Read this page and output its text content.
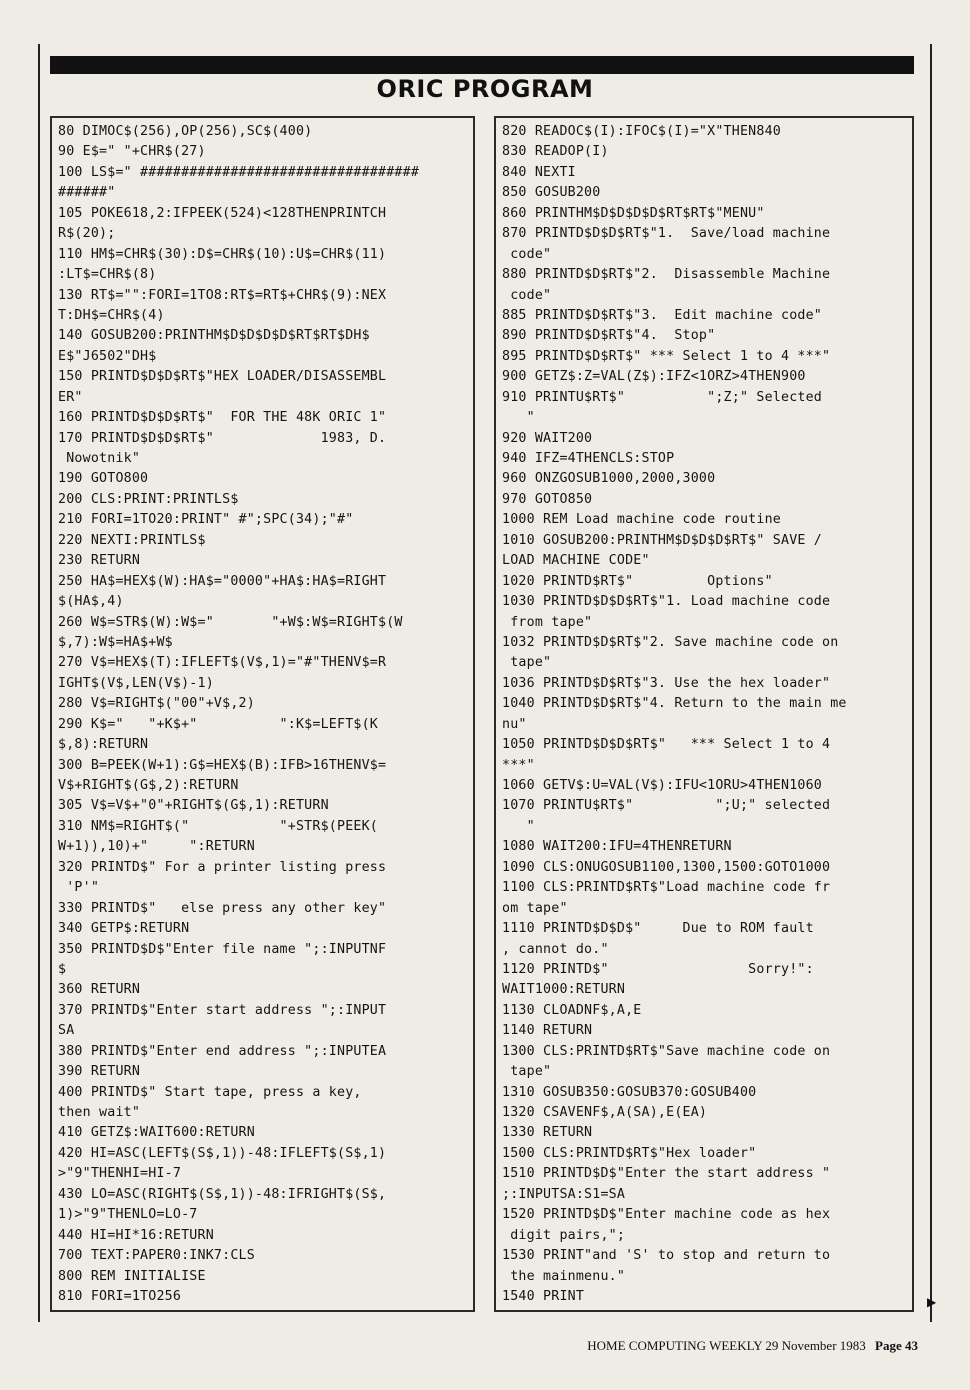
ORIC PROGRAM
80 DIMOC$(256),OP(256),SC$(400)
90 E$=" "+CHR$(27)
100 LS$=" ##################################
######"
105 POKE618,2:IFPEEK(524)<128THENPRINTCH
R$(20);
110 HM$=CHR$(30):D$=CHR$(10):U$=CHR$(11)
:LT$=CHR$(8)
130 RT$="":FORI=1TO8:RT$=RT$+CHR$(9):NEX
T:DH$=CHR$(4)
140 GOSUB200:PRINTHM$D$D$D$D$RT$RT$DH$
E$"J6502"DH$
150 PRINTD$D$D$RT$"HEX LOADER/DISASSEMBL
ER"
160 PRINTD$D$D$RT$"  FOR THE 48K ORIC 1"
170 PRINTD$D$D$RT$"             1983, D.
Nowotnik"
190 GOTO800
200 CLS:PRINT:PRINTLS$
210 FORI=1TO20:PRINT" #";SPC(34);"#"
220 NEXTI:PRINTLS$
230 RETURN
250 HA$=HEX$(W):HA$="0000"+HA$:HA$=RIGHT
$(HA$,4)
260 W$=STR$(W):W$="       "+W$:W$=RIGHT$(W
$,7):W$=HA$+W$
270 V$=HEX$(T):IFLEFT$(V$,1)="#"THENV$=R
IGHT$(V$,LEN(V$)-1)
280 V$=RIGHT$("00"+V$,2)
290 K$="   "+K$+"          ":K$=LEFT$(K
$,8):RETURN
300 B=PEEK(W+1):G$=HEX$(B):IFB>16THENV$=
V$+RIGHT$(G$,2):RETURN
305 V$=V$+"0"+RIGHT$(G$,1):RETURN
310 NM$=RIGHT$("           "+STR$(PEEK(
W+1)),10)+"     ":RETURN
320 PRINTD$" For a printer listing press
'P'"
330 PRINTD$"   else press any other key"
340 GETP$:RETURN
350 PRINTD$D$"Enter file name ";:INPUTNF
$
360 RETURN
370 PRINTD$"Enter start address ";:INPUT
SA
380 PRINTD$"Enter end address ";:INPUTEA
390 RETURN
400 PRINTD$" Start tape, press a key,
then wait"
410 GETZ$:WAIT600:RETURN
420 HI=ASC(LEFT$(S$,1))-48:IFLEFT$(S$,1)
>"9"THENHI=HI-7
430 LO=ASC(RIGHT$(S$,1))-48:IFRIGHT$(S$,
1)>"9"THENLO=LO-7
440 HI=HI*16:RETURN
700 TEXT:PAPER0:INK7:CLS
800 REM INITIALISE
810 FORI=1TO256
820 READOC$(I):IFOC$(I)="X"THEN840
830 READOP(I)
840 NEXTI
850 GOSUB200
860 PRINTHM$D$D$D$D$RT$RT$"MENU"
870 PRINTD$D$D$RT$"1.  Save/load machine
code"
880 PRINTD$D$RT$"2.  Disassemble Machine
code"
885 PRINTD$D$RT$"3.  Edit machine code"
890 PRINTD$D$RT$"4.  Stop"
895 PRINTD$D$RT$" *** Select 1 to 4 ***"
900 GETZ$:Z=VAL(Z$):IFZ<1ORZ>4THEN900
910 PRINTU$RT$"          ";Z;" Selected
"
920 WAIT200
940 IFZ=4THENCLS:STOP
960 ONZGOSUB1000,2000,3000
970 GOTO850
1000 REM Load machine code routine
1010 GOSUB200:PRINTHM$D$D$D$RT$" SAVE /
LOAD MACHINE CODE"
1020 PRINTD$RT$"         Options"
1030 PRINTD$D$D$RT$"1. Load machine code
from tape"
1032 PRINTD$D$RT$"2. Save machine code on
tape"
1036 PRINTD$D$RT$"3. Use the hex loader"
1040 PRINTD$D$RT$"4. Return to the main me
nu"
1050 PRINTD$D$D$RT$"   *** Select 1 to 4
***"
1060 GETV$:U=VAL(V$):IFU<1ORU>4THEN1060
1070 PRINTU$RT$"          ";U;" selected
"
1080 WAIT200:IFU=4THENRETURN
1090 CLS:ONUGOSUB1100,1300,1500:GOTO1000
1100 CLS:PRINTD$RT$"Load machine code fr
om tape"
1110 PRINTD$D$D$"     Due to ROM fault
, cannot do."
1120 PRINTD$"                 Sorry!":
WAIT1000:RETURN
1130 CLOADNF$,A,E
1140 RETURN
1300 CLS:PRINTD$RT$"Save machine code on
tape"
1310 GOSUB350:GOSUB370:GOSUB400
1320 CSAVENF$,A(SA),E(EA)
1330 RETURN
1500 CLS:PRINTD$RT$"Hex loader"
1510 PRINTD$D$"Enter the start address "
;:INPUTSA:S1=SA
1520 PRINTD$D$"Enter machine code as hex
digit pairs,";
1530 PRINT"and 'S' to stop and return to
the mainmenu."
1540 PRINT	▶
HOME COMPUTING WEEKLY 29 November 1983 Page 43
